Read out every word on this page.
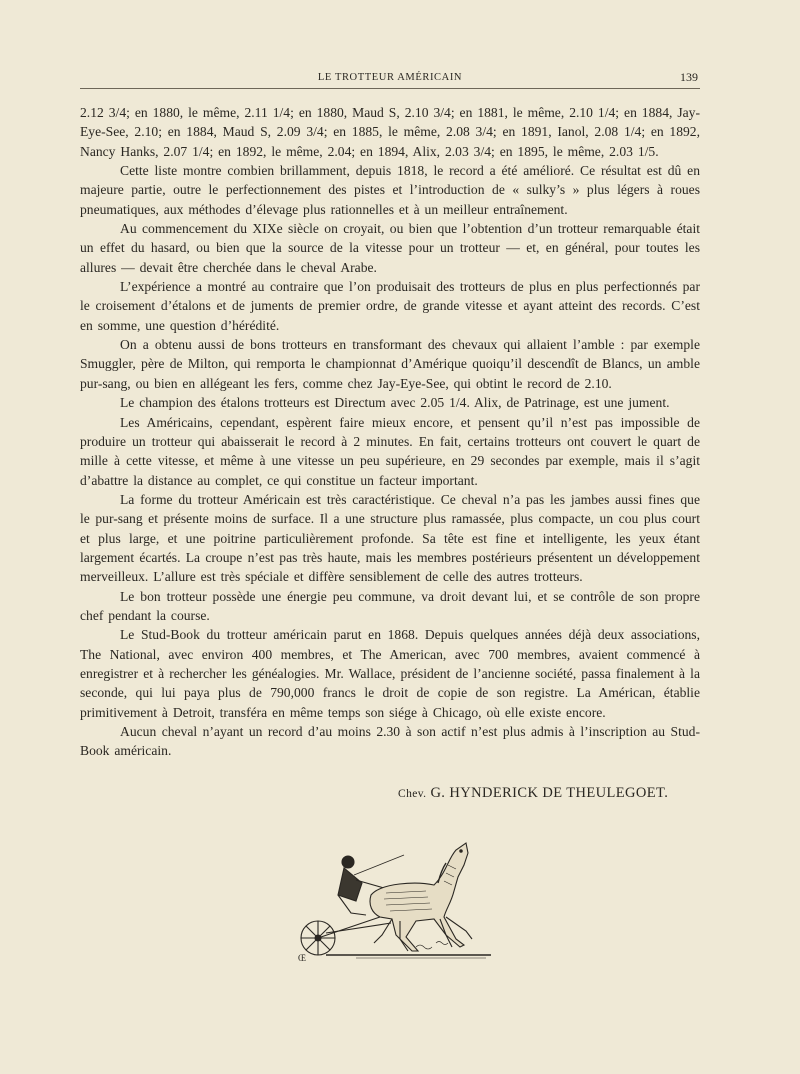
LE TROTTEUR AMÉRICAIN	139

2.12 3/4; en 1880, le même, 2.11 1/4; en 1880, Maud S, 2.10 3/4; en 1881, le même, 2.10 1/4; en 1884, Jay-Eye-See, 2.10; en 1884, Maud S, 2.09 3/4; en 1885, le même, 2.08 3/4; en 1891, Ianol, 2.08 1/4; en 1892, Nancy Hanks, 2.07 1/4; en 1892, le même, 2.04; en 1894, Alix, 2.03 3/4; en 1895, le même, 2.03 1/5.

Cette liste montre combien brillamment, depuis 1818, le record a été amélioré. Ce résultat est dû en majeure partie, outre le perfectionnement des pistes et l’introduction de « sulky’s » plus légers à roues pneumatiques, aux méthodes d’élevage plus rationnelles et à un meilleur entraînement.

Au commencement du XIXe siècle on croyait, ou bien que l’obtention d’un trotteur remarquable était un effet du hasard, ou bien que la source de la vitesse pour un trotteur — et, en général, pour toutes les allures — devait être cherchée dans le cheval Arabe.

L’expérience a montré au contraire que l’on produisait des trotteurs de plus en plus perfectionnés par le croisement d’étalons et de juments de premier ordre, de grande vitesse et ayant atteint des records. C’est en somme, une question d’hérédité.

On a obtenu aussi de bons trotteurs en transformant des chevaux qui allaient l’amble : par exemple Smuggler, père de Milton, qui remporta le championnat d’Amérique quoiqu’il descendît de Blancs, un amble pur-sang, ou bien en allégeant les fers, comme chez Jay-Eye-See, qui obtint le record de 2.10.

Le champion des étalons trotteurs est Directum avec 2.05 1/4. Alix, de Patrinage, est une jument.

Les Américains, cependant, espèrent faire mieux encore, et pensent qu’il n’est pas impossible de produire un trotteur qui abaisserait le record à 2 minutes. En fait, certains trotteurs ont couvert le quart de mille à cette vitesse, et même à une vitesse un peu supérieure, en 29 secondes par exemple, mais il s’agit d’abattre la distance au complet, ce qui constitue un facteur important.

La forme du trotteur Américain est très caractéristique. Ce cheval n’a pas les jambes aussi fines que le pur-sang et présente moins de surface. Il a une structure plus ramassée, plus compacte, un cou plus court et plus large, et une poitrine particulièrement profonde. Sa tête est fine et intelligente, les yeux étant largement écartés. La croupe n’est pas très haute, mais les membres postérieurs présentent un développement merveilleux. L’allure est très spéciale et diffère sensiblement de celle des autres trotteurs.

Le bon trotteur possède une énergie peu commune, va droit devant lui, et se contrôle de son propre chef pendant la course.

Le Stud-Book du trotteur américain parut en 1868. Depuis quelques années déjà deux associations, The National, avec environ 400 membres, et The American, avec 700 membres, avaient commencé à enregistrer et à rechercher les généalogies. Mr. Wallace, président de l’ancienne société, passa finalement à la seconde, qui lui paya plus de 790,000 francs le droit de copie de son registre. La Américan, établie primitivement à Detroit, transféra en même temps son siége à Chicago, où elle existe encore.

Aucun cheval n’ayant un record d’au moins 2.30 à son actif n’est plus admis à l’inscription au Stud-Book américain.

Chev. G. HYNDERICK DE THEULEGOET.
Œ
